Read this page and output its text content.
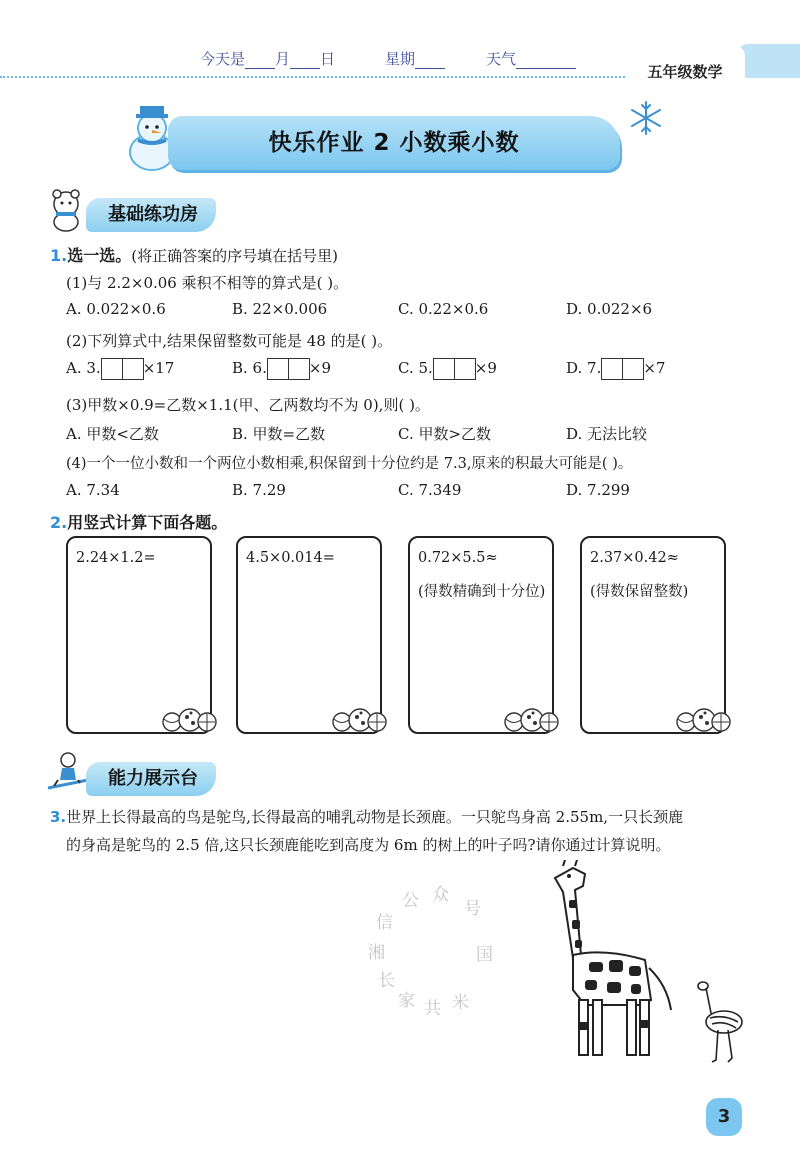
今天是 月 日	星期	天气
五年级数学
快乐作业 2 小数乘小数
基础练功房
1.选一选。(将正确答案的序号填在括号里)
(1)与 2.2×0.06 乘积不相等的算式是( )。
A. 0.022×0.6	B. 22×0.006	C. 0.22×0.6	D. 0.022×6
(2)下列算式中,结果保留整数可能是 48 的是( )。
A. 3.	×17	B. 6.	×9	C. 5.	×9	D. 7.	×7
(3)甲数×0.9=乙数×1.1(甲、乙两数均不为 0),则( )。
A. 甲数<乙数	B. 甲数=乙数	C. 甲数>乙数	D. 无法比较
(4)一个一位小数和一个两位小数相乘,积保留到十分位约是 7.3,原来的积最大可能是( )。
A. 7.34	B. 7.29	C. 7.349	D. 7.299
2.用竖式计算下面各题。
2.24×1.2=	4.5×0.014=	0.72×5.5≈
(得数精确到十分位)
2.37×0.42≈
(得数保留整数)
能力展示台
3.世界上长得最高的鸟是鸵鸟,长得最高的哺乳动物是长颈鹿。一只鸵鸟身高 2.55m,一只长颈鹿
的身高是鸵鸟的 2.5 倍,这只长颈鹿能吃到高度为 6m 的树上的叶子吗?请你通过计算说明。
长
家 共 米
湘
信
公 众
号
国
3
